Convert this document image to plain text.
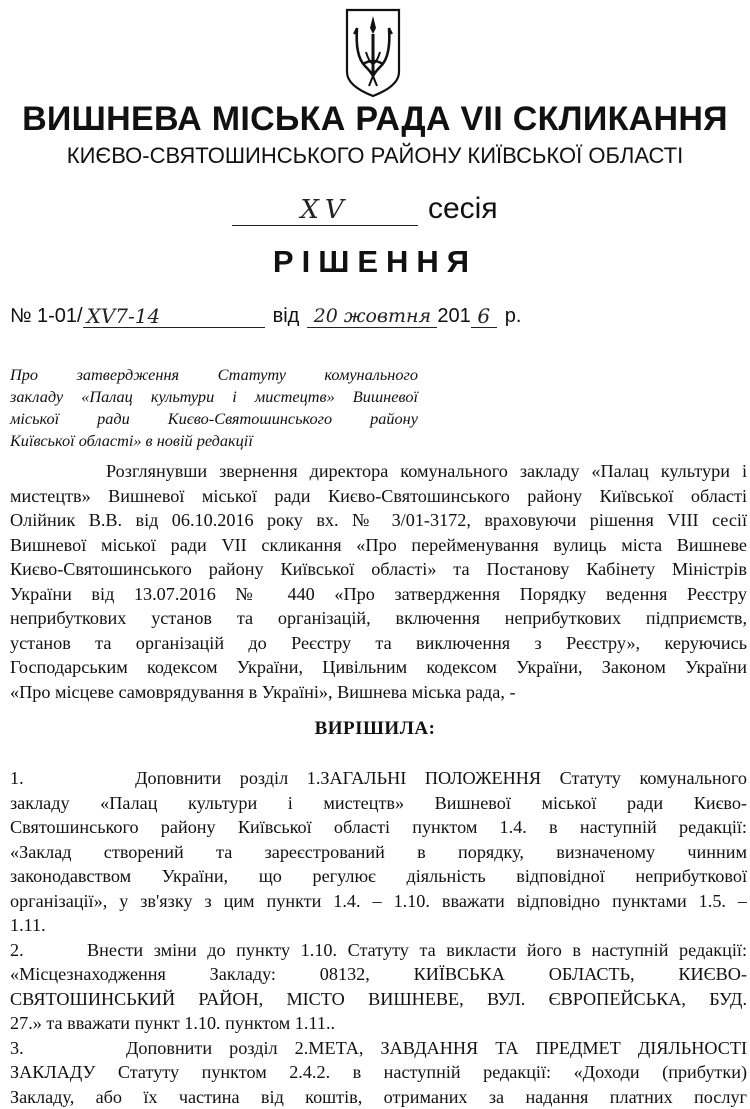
ВИШНЕВА МІСЬКА РАДА VII СКЛИКАННЯ
КИЄВО-СВЯТОШИНСЬКОГО РАЙОНУ КИЇВСЬКОЇ ОБЛАСТІ
XV	сесія
РІШЕННЯ
№ 1-01/ XV7-14	від 20 жовтня 201 6 р.
Про затвердження Статуту комунального
закладу «Палац культури і мистецтв» Вишневої
міської ради Києво-Святошинського району
Київської області» в новій редакції
Розглянувши звернення директора комунального закладу «Палац культури і
мистецтв» Вишневої міської ради Києво-Святошинського району Київської області
Олійник В.В. від 06.10.2016 року вх. № 3/01-3172, враховуючи рішення VIII сесії
Вишневої міської ради VII скликання «Про перейменування вулиць міста Вишневе
Києво-Святошинського району Київської області» та Постанову Кабінету Міністрів
України від 13.07.2016 № 440 «Про затвердження Порядку ведення Реєстру
неприбуткових установ та організацій, включення неприбуткових підприємств,
установ та організацій до Реєстру та виключення з Реєстру», керуючись
Господарським кодексом України, Цивільним кодексом України, Законом України
«Про місцеве самоврядування в Україні», Вишнева міська рада, -
ВИРІШИЛА:
1.      Доповнити розділ 1.ЗАГАЛЬНІ ПОЛОЖЕННЯ Статуту комунального
закладу «Палац культури і мистецтв» Вишневої міської ради Києво-
Святошинського району Київської області пунктом 1.4. в наступній редакції:
«Заклад створений та зареєстрований в порядку, визначеному чинним
законодавством України, що регулює діяльність відповідної неприбуткової
організації», у зв'язку з цим пункти 1.4. – 1.10. вважати відповідно пунктами 1.5. –
1.11.
2.      Внести зміни до пункту 1.10. Статуту та викласти його в наступній редакції:
«Місцезнаходження Закладу: 08132, КИЇВСЬКА ОБЛАСТЬ, КИЄВО-
СВЯТОШИНСЬКИЙ РАЙОН, МІСТО ВИШНЕВЕ, ВУЛ. ЄВРОПЕЙСЬКА, БУД.
27.» та вважати пункт 1.10. пунктом 1.11..
3.      Доповнити розділ 2.МЕТА, ЗАВДАННЯ ТА ПРЕДМЕТ ДІЯЛЬНОСТІ
ЗАКЛАДУ Статуту пунктом 2.4.2. в наступній редакції: «Доходи (прибутки)
Закладу, або їх частина від коштів, отриманих за надання платних послуг
